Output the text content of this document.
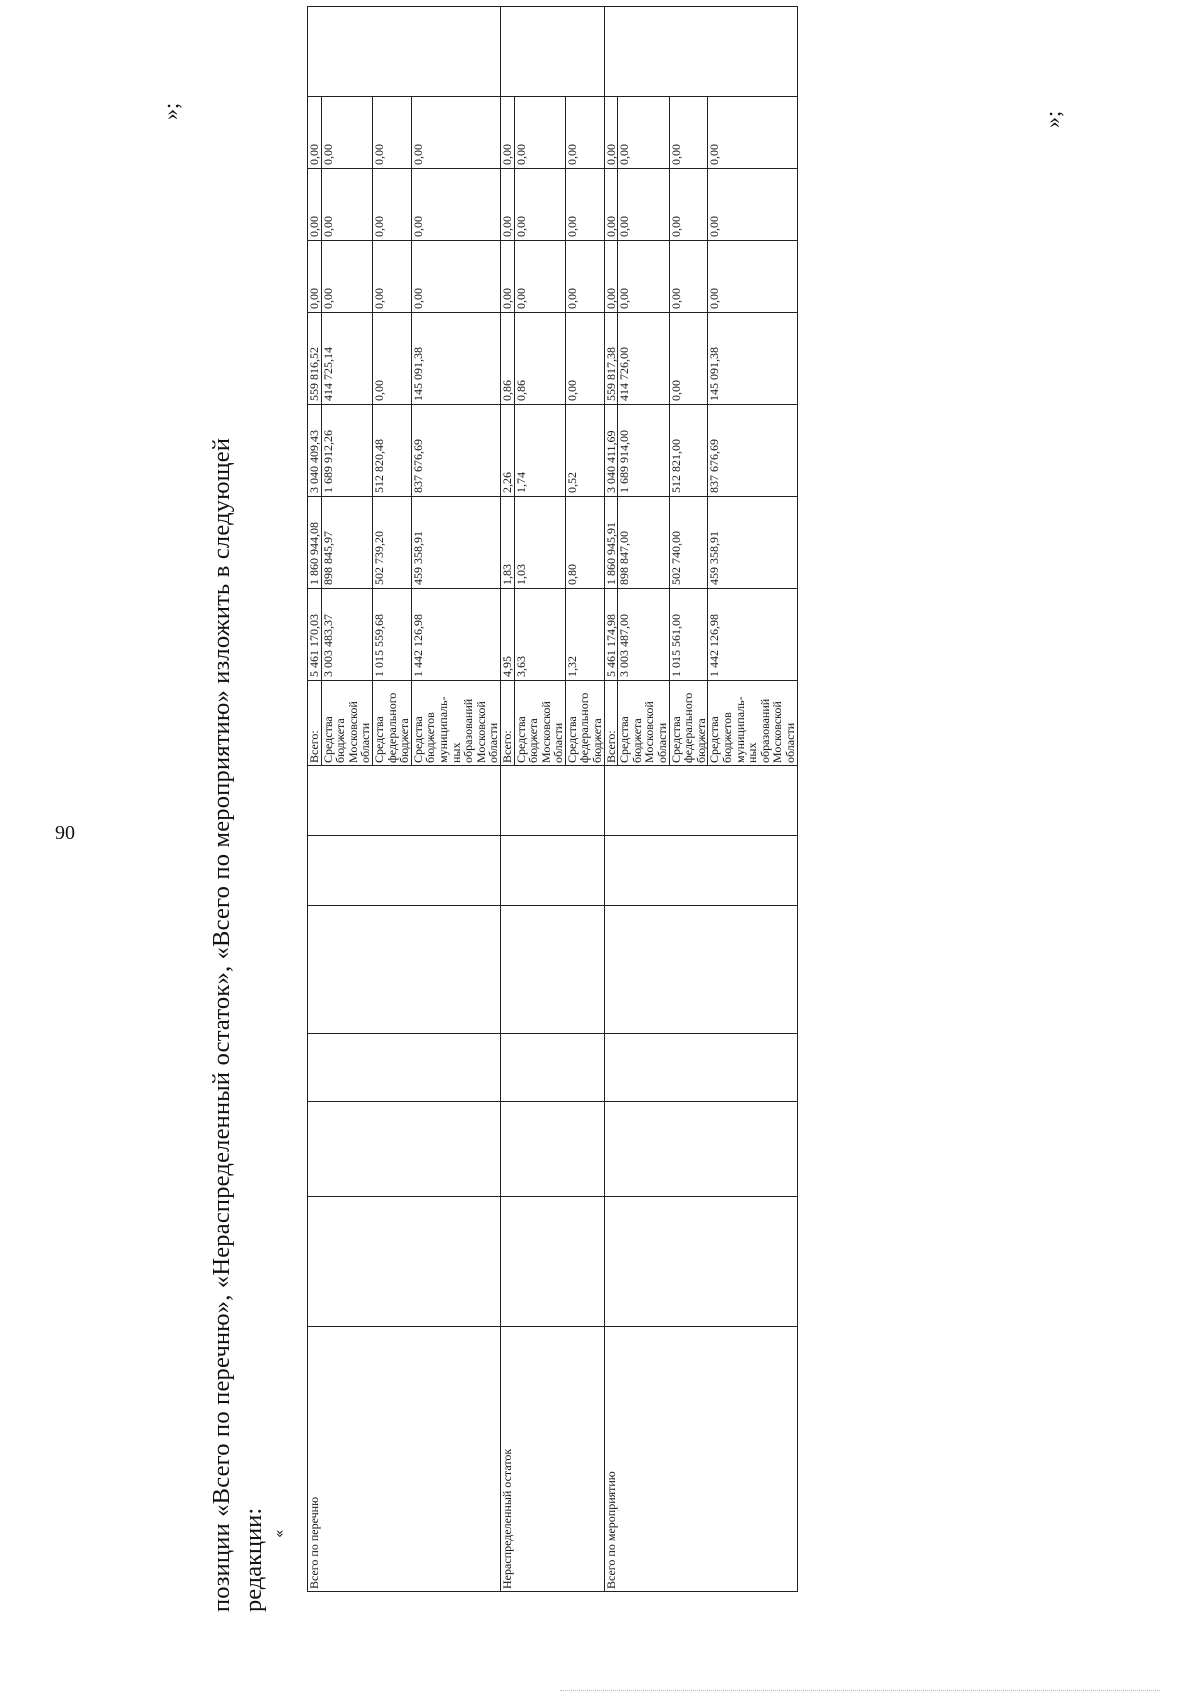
90	позиции «Всего по перечню», «Нераспределенный остаток», «Всего по мероприятию» изложить в следующей редакции: «
»;	»;
Всего по перечню							Всего:	5 461 170,03	1 860 944,08	3 040 409,43	559 816,52	0,00	0,00	0,00	
							Средства бюджета Московской области	3 003 483,37	898 845,97	1 689 912,26	414 725,14	0,00	0,00	0,00	
							Средства федерального бюджета	1 015 559,68	502 739,20	512 820,48	0,00	0,00	0,00	0,00	
							Средства бюджетов муниципаль-ных образований Московской области	1 442 126,98	459 358,91	837 676,69	145 091,38	0,00	0,00	0,00	
Нераспределенный остаток							Всего:	4,95	1,83	2,26	0,86	0,00	0,00	0,00	
							Средства бюджета Московской области	3,63	1,03	1,74	0,86	0,00	0,00	0,00	
							Средства федерального бюджета	1,32	0,80	0,52	0,00	0,00	0,00	0,00	
Всего по мероприятию							Всего:	5 461 174,98	1 860 945,91	3 040 411,69	559 817,38	0,00	0,00	0,00	
							Средства бюджета Московской области	3 003 487,00	898 847,00	1 689 914,00	414 726,00	0,00	0,00	0,00	
							Средства федерального бюджета	1 015 561,00	502 740,00	512 821,00	0,00	0,00	0,00	0,00	
							Средства бюджетов муниципаль-ных образований Московской области	1 442 126,98	459 358,91	837 676,69	145 091,38	0,00	0,00	0,00	
